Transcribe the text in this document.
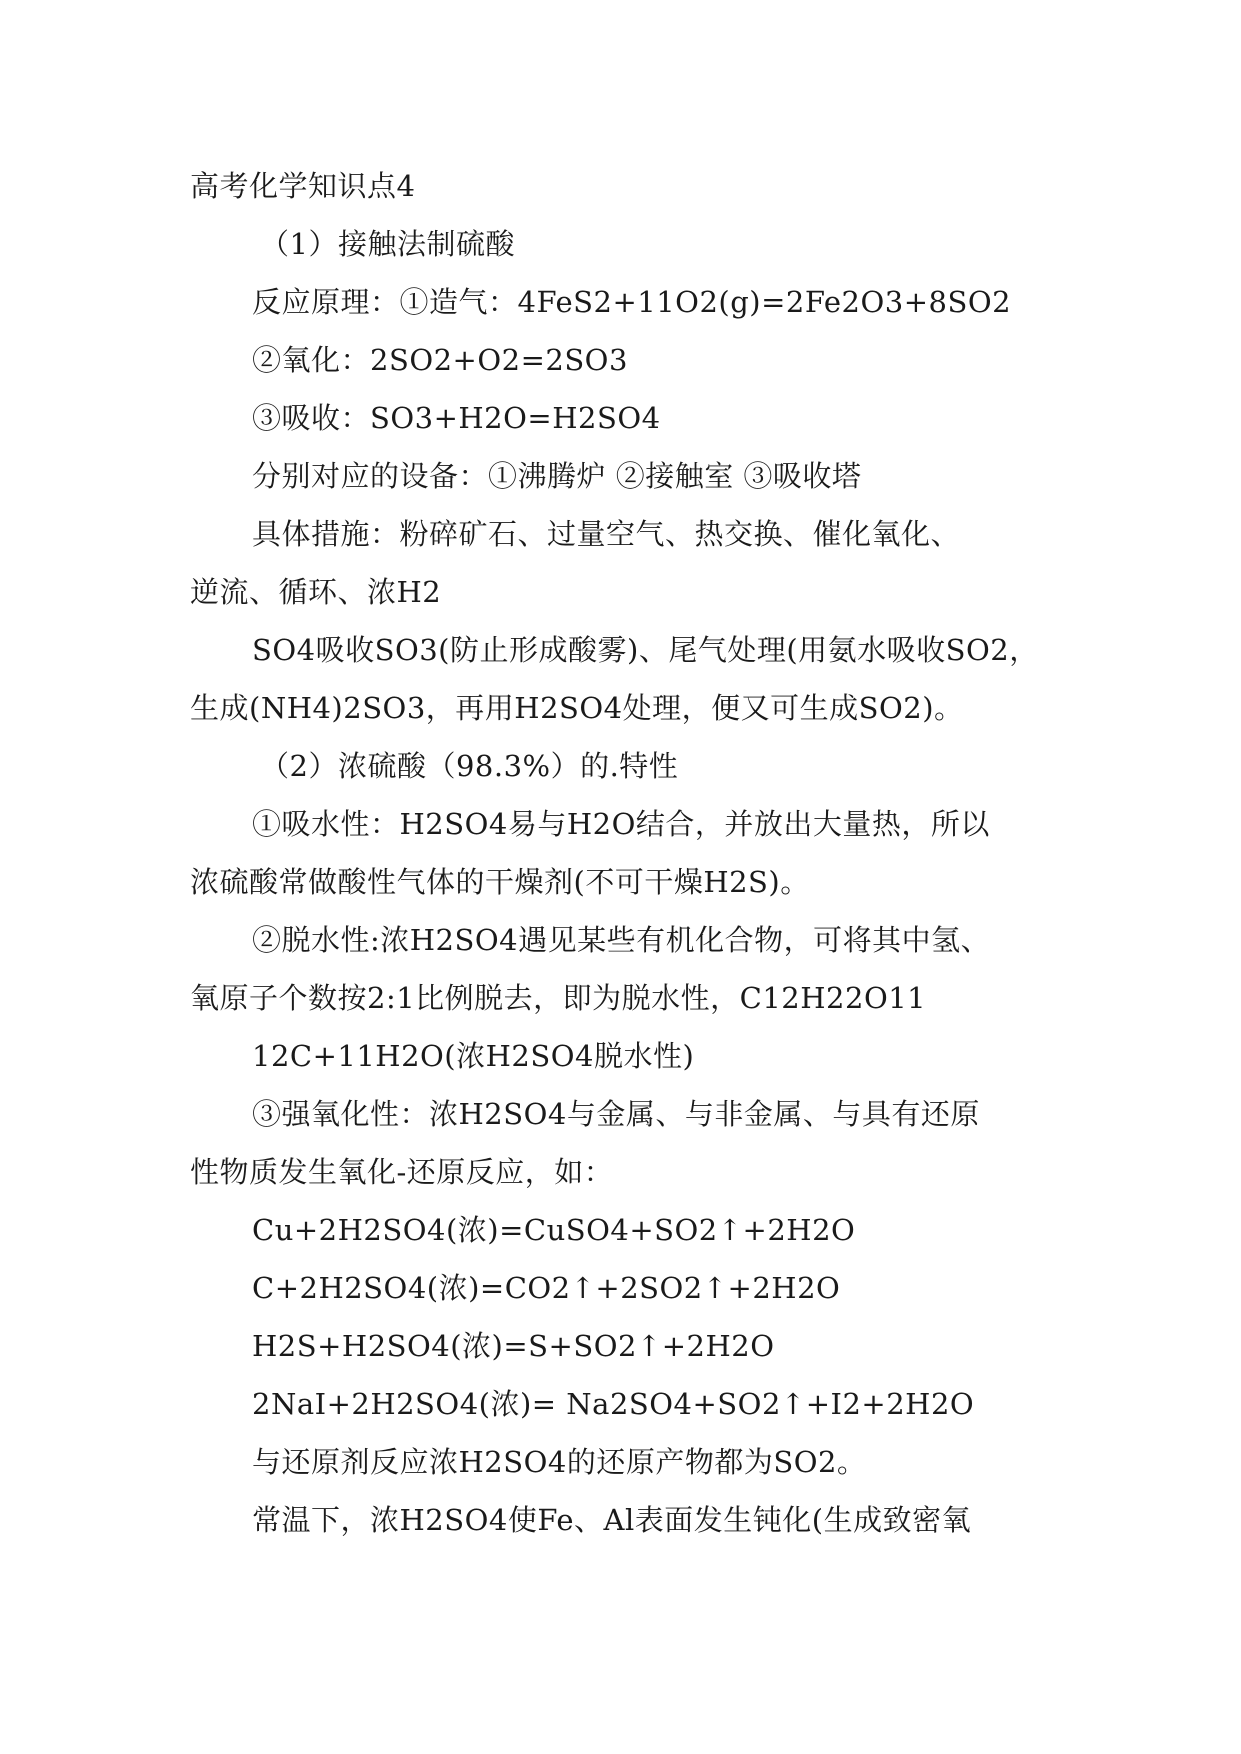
高考化学知识点4
（1）接触法制硫酸
反应原理：①造气：4FeS2+11O2(g)=2Fe2O3+8SO2
②氧化：2SO2+O2=2SO3
③吸收：SO3+H2O=H2SO4
分别对应的设备：①沸腾炉 ②接触室 ③吸收塔
具体措施：粉碎矿石、过量空气、热交换、催化氧化、
逆流、循环、浓H2
SO4吸收SO3(防止形成酸雾)、尾气处理(用氨水吸收SO2，
生成(NH4)2SO3，再用H2SO4处理，便又可生成SO2)。
（2）浓硫酸（98.3%）的.特性
①吸水性：H2SO4易与H2O结合，并放出大量热，所以
浓硫酸常做酸性气体的干燥剂(不可干燥H2S)。
②脱水性:浓H2SO4遇见某些有机化合物，可将其中氢、
氧原子个数按2:1比例脱去，即为脱水性，C12H22O11
12C+11H2O(浓H2SO4脱水性)
③强氧化性：浓H2SO4与金属、与非金属、与具有还原
性物质发生氧化-还原反应，如：
Cu+2H2SO4(浓)=CuSO4+SO2↑+2H2O
C+2H2SO4(浓)=CO2↑+2SO2↑+2H2O
H2S+H2SO4(浓)=S+SO2↑+2H2O
2NaI+2H2SO4(浓)= Na2SO4+SO2↑+I2+2H2O
与还原剂反应浓H2SO4的还原产物都为SO2。
常温下，浓H2SO4使Fe、Al表面发生钝化(生成致密氧
